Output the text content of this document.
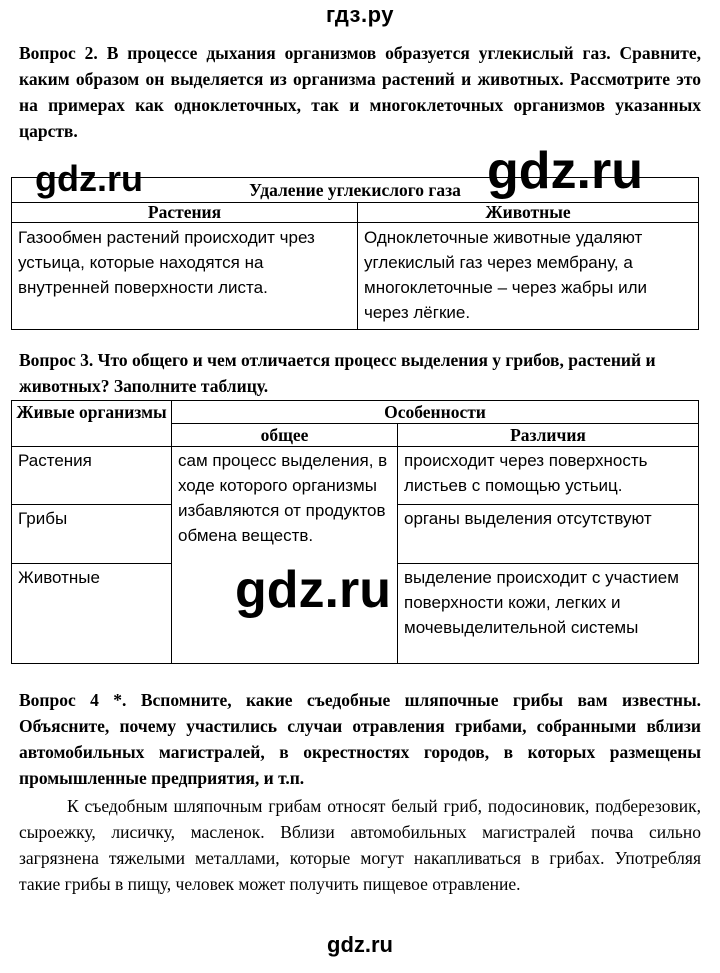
гдз.ру
Вопрос 2. В процессе дыхания организмов образуется углекислый газ. Сравните, каким образом он выделяется из организма растений и животных. Рассмотрите это на примерах как одноклеточных, так и многоклеточных организмов указанных царств.
Удаление углекислого газа	
Растения	Животные
Газообмен растений происходит чрез устьица, которые находятся на внутренней поверхности листа.	Одноклеточные животные удаляют углекислый газ через мембрану, а многоклеточные – через жабры или через лёгкие.
Вопрос 3. Что общего и чем отличается процесс выделения у грибов, растений и животных? Заполните таблицу.
Живые организмы	Особенности	
	общее	Различия
Растения	сам процесс выделения, в ходе которого организмы избавляются от продуктов обмена веществ.	происходит через поверхность листьев с помощью устьиц.
Грибы		органы выделения отсутствуют
Животные		выделение происходит с участием поверхности кожи, легких и мочевыделительной системы
Вопрос 4 *. Вспомните, какие съедобные шляпочные грибы вам известны. Объясните, почему участились случаи отравления грибами, собранными вблизи автомобильных магистралей, в окрестностях городов, в которых размещены промышленные предприятия, и т.п.
К съедобным шляпочным грибам относят белый гриб, подосиновик, подберезовик, сыроежку, лисичку, масленок. Вблизи автомобильных магистралей почва сильно загрязнена тяжелыми металлами, которые могут накапливаться в грибах. Употребляя такие грибы в пищу, человек может получить пищевое отравление.
gdz.ru
gdz.ru	gdz.ru
gdz.ru
